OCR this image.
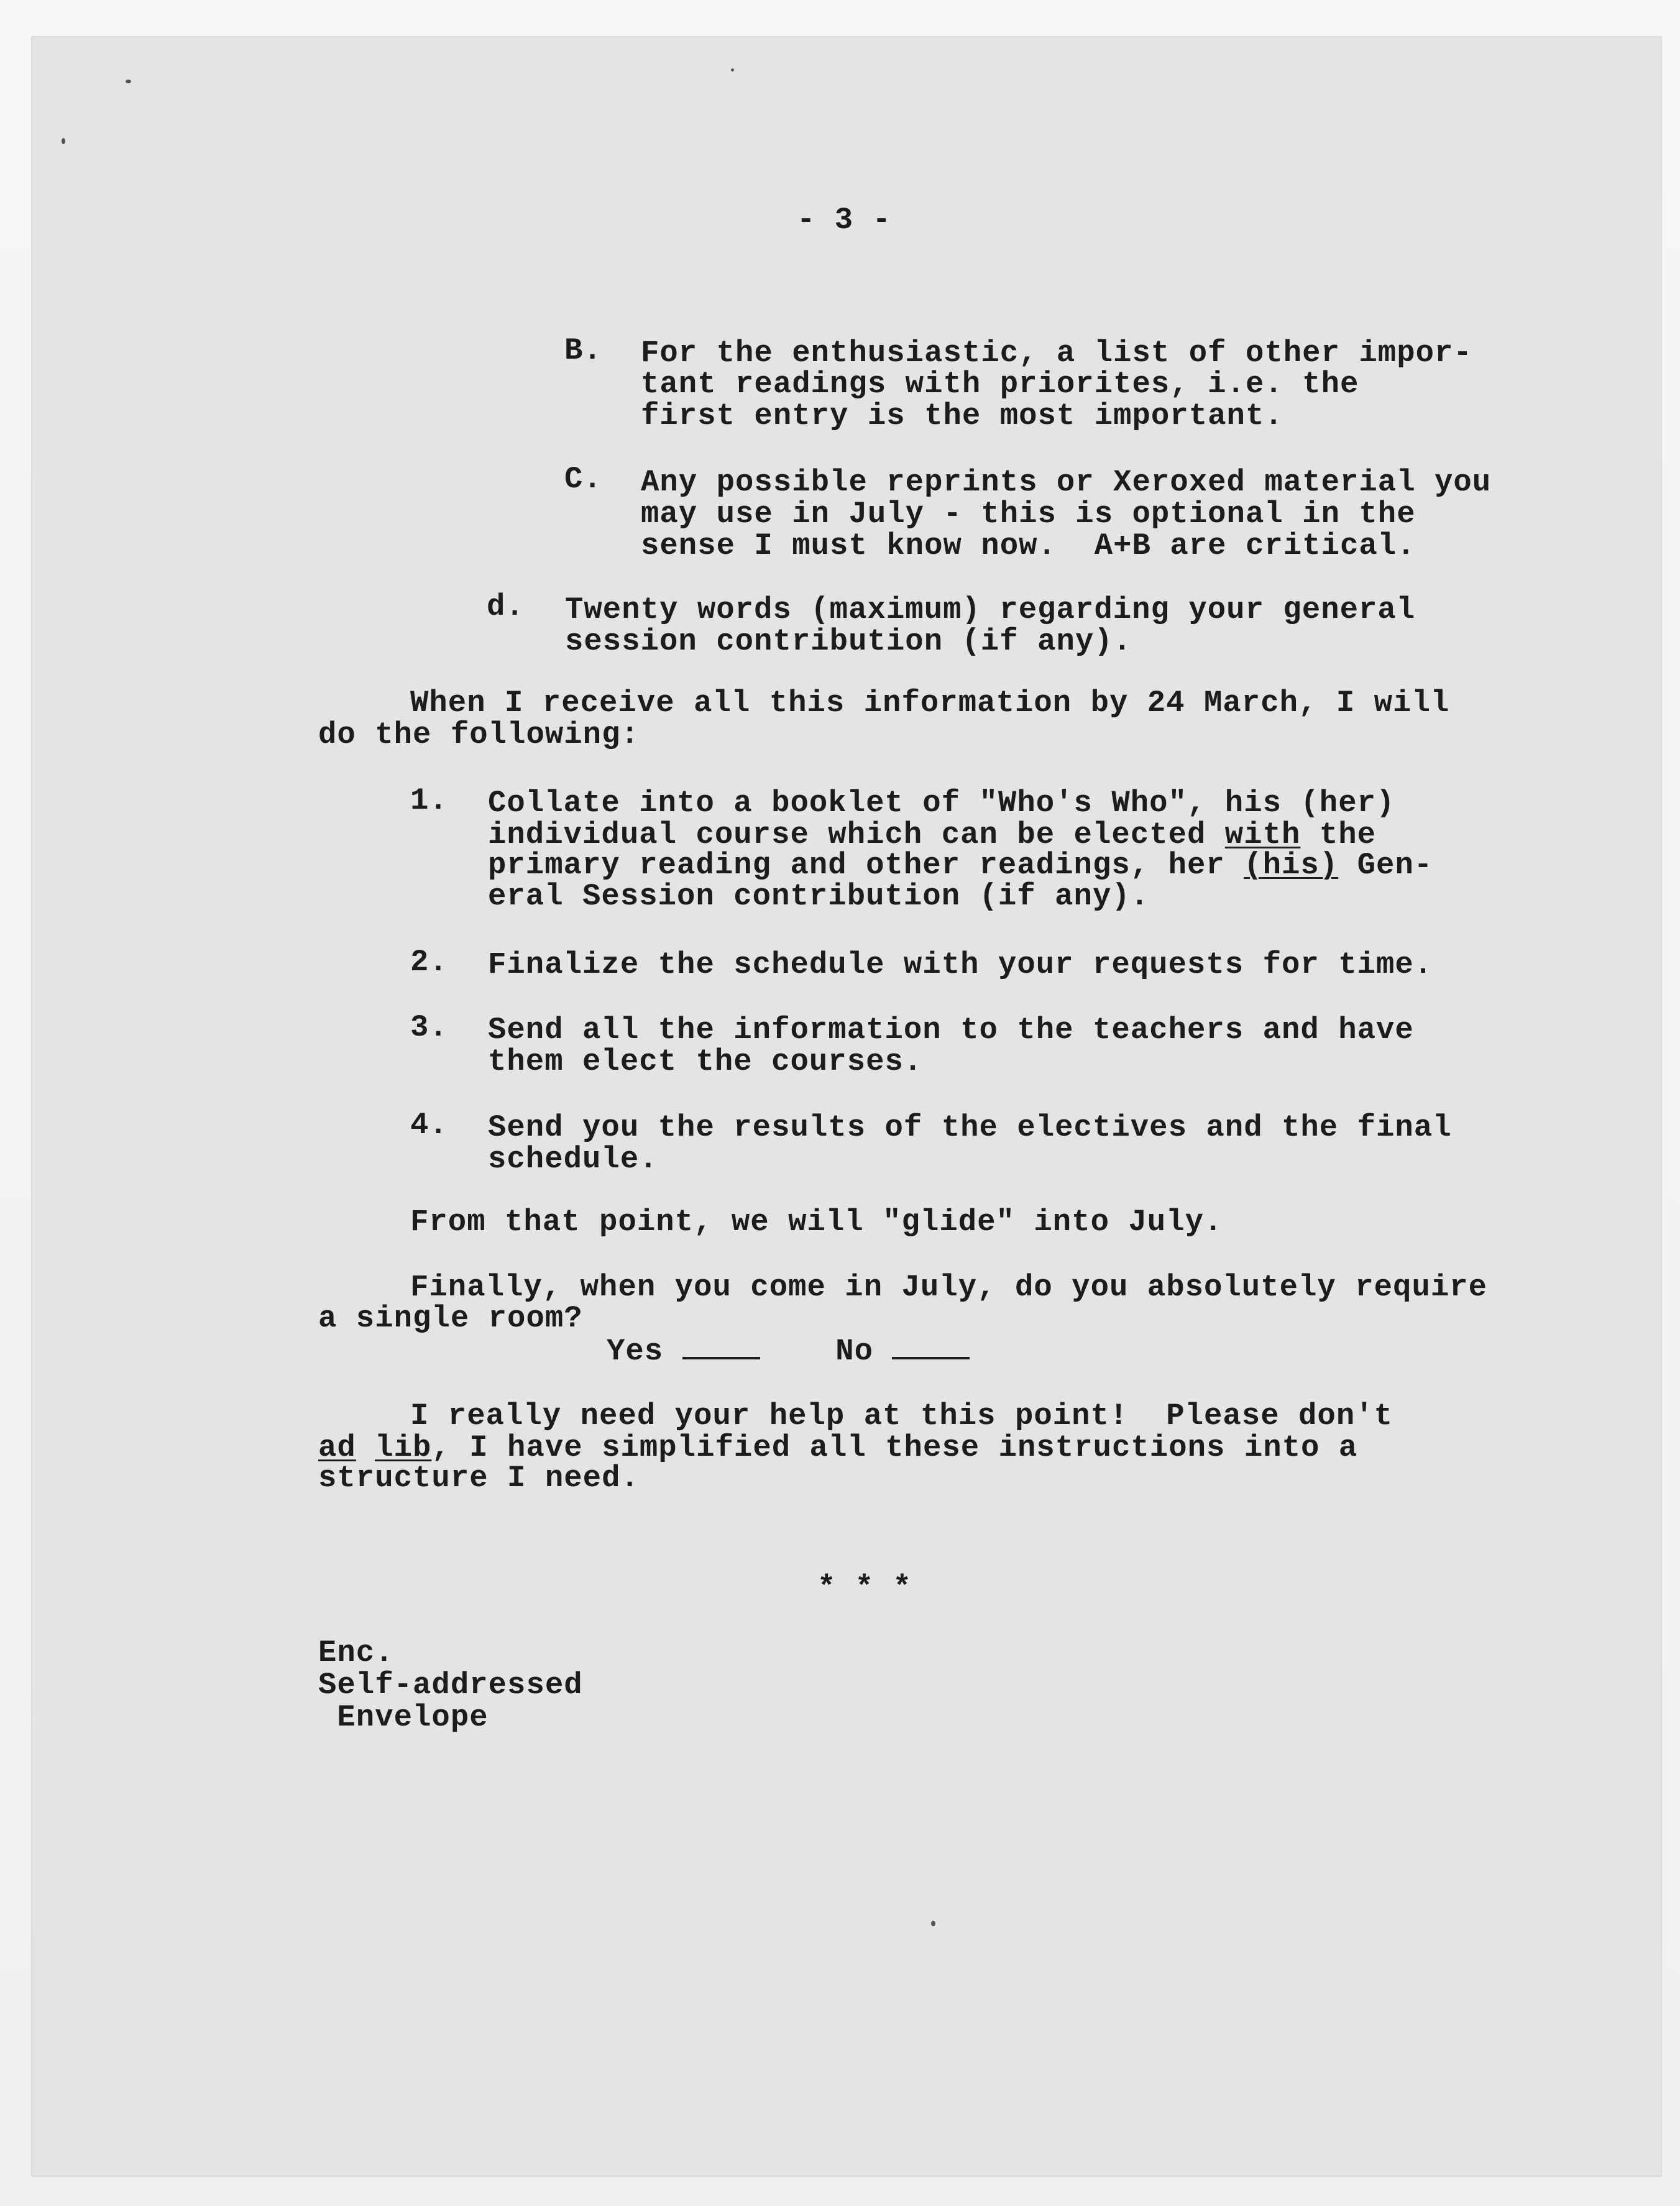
- 3 -
B. For the enthusiastic, a list of other impor-
tant readings with priorites, i.e. the
first entry is the most important.
C. Any possible reprints or Xeroxed material you
may use in July - this is optional in the
sense I must know now.  A+B are critical.
d. Twenty words (maximum) regarding your general
session contribution (if any).
When I receive all this information by 24 March, I will
do the following:
1. Collate into a booklet of "Who's Who", his (her)
individual course which can be elected with the
primary reading and other readings, her (his) Gen-
eral Session contribution (if any).
2. Finalize the schedule with your requests for time.
3. Send all the information to the teachers and have
them elect the courses.
4. Send you the results of the electives and the final
schedule.
From that point, we will "glide" into July.
Finally, when you come in July, do you absolutely require
a single room?
Yes	No
I really need your help at this point!  Please don't
ad lib, I have simplified all these instructions into a
structure I need.
* * *
Enc.
Self-addressed
Envelope
